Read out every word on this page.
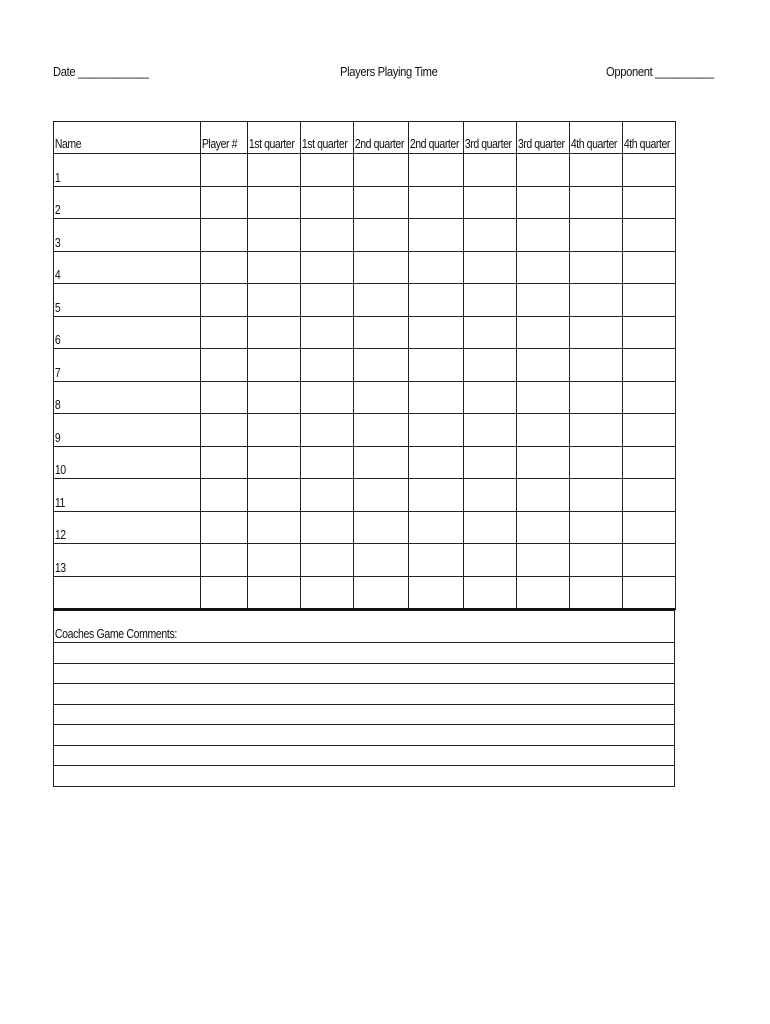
Date ____________	Players Playing Time	Opponent __________
Name	Player #	1st quarter	1st quarter	2nd quarter	2nd quarter	3rd quarter	3rd quarter	4th quarter	4th quarter
1									
2									
3									
4									
5									
6									
7									
8									
9									
10									
11									
12									
13									

Coaches Game Comments:
